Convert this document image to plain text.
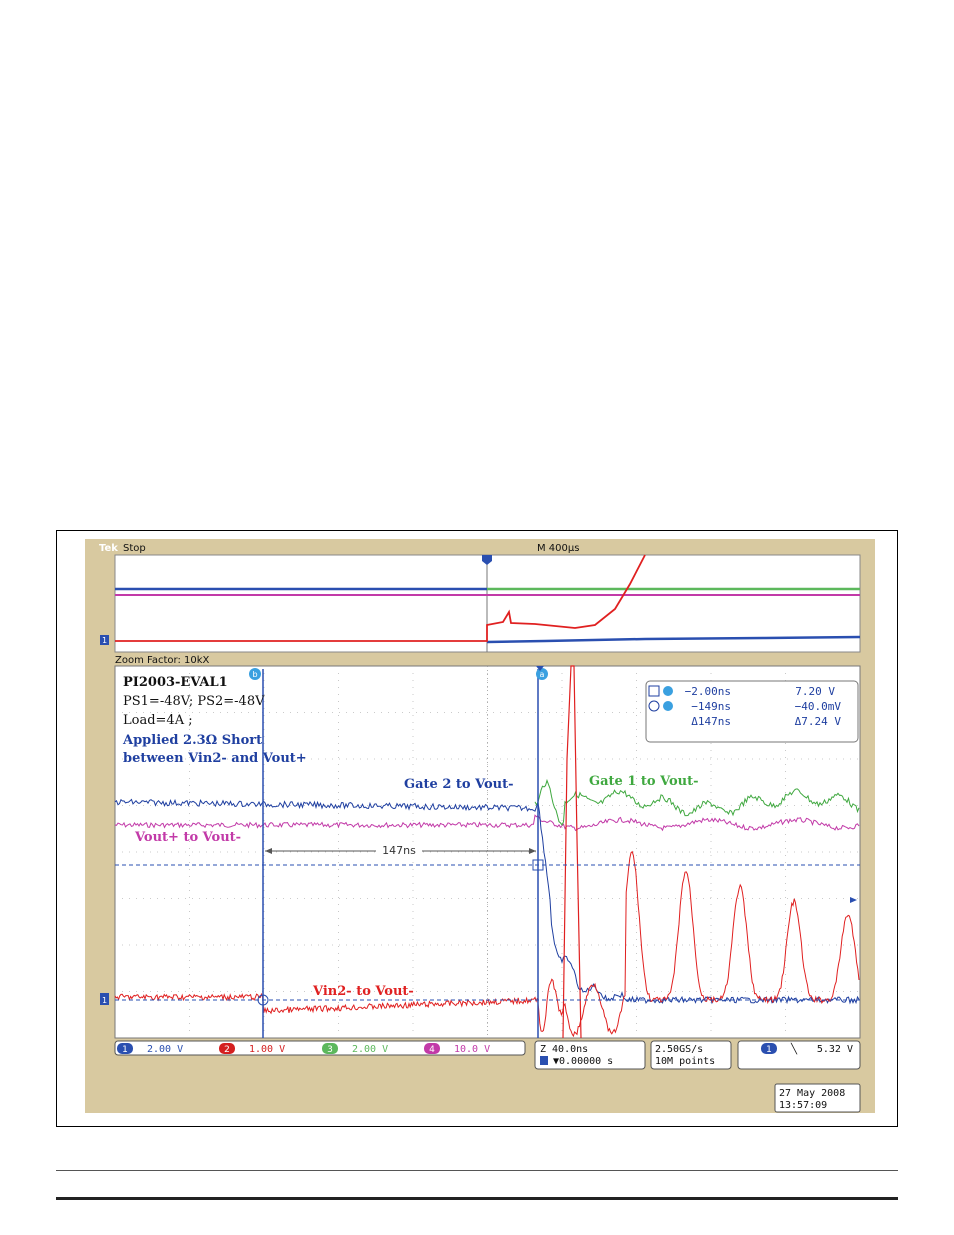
Tek Stop	M 400µs
1
Zoom Factor: 10kX
b	a
147ns
1
PI2003-EVAL1
PS1=-48V; PS2=-48V
Load=4A ;
Applied 2.3Ω Short
between Vin2- and Vout+
Gate 2 to Vout-	Gate 1 to Vout-
Vout+ to Vout-
Vin2- to Vout-
−2.00ns	7.20 V
−149ns	−40.0mV
Δ147ns	Δ7.24 V
1 2.00 V	2 1.00 V	3 2.00 V	4 10.0 V	Z 40.0ns
▼0.00000 s
2.50GS/s
10M points
1 ╲ 5.32 V
27 May 2008
13:57:09
